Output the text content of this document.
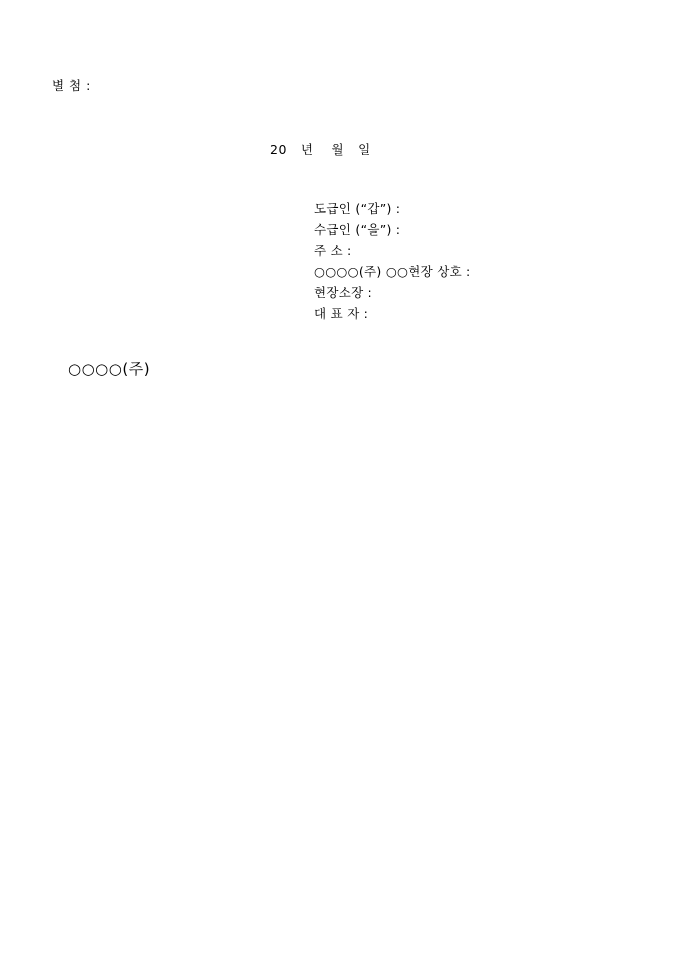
별 첨 :
20 년 월 일
도급인 (“갑”) :
수급인 (“을”) :
주 소 :
○○○○(주) ○○현장 상호 :
현장소장 :
대 표 자 :
○○○○(주)
